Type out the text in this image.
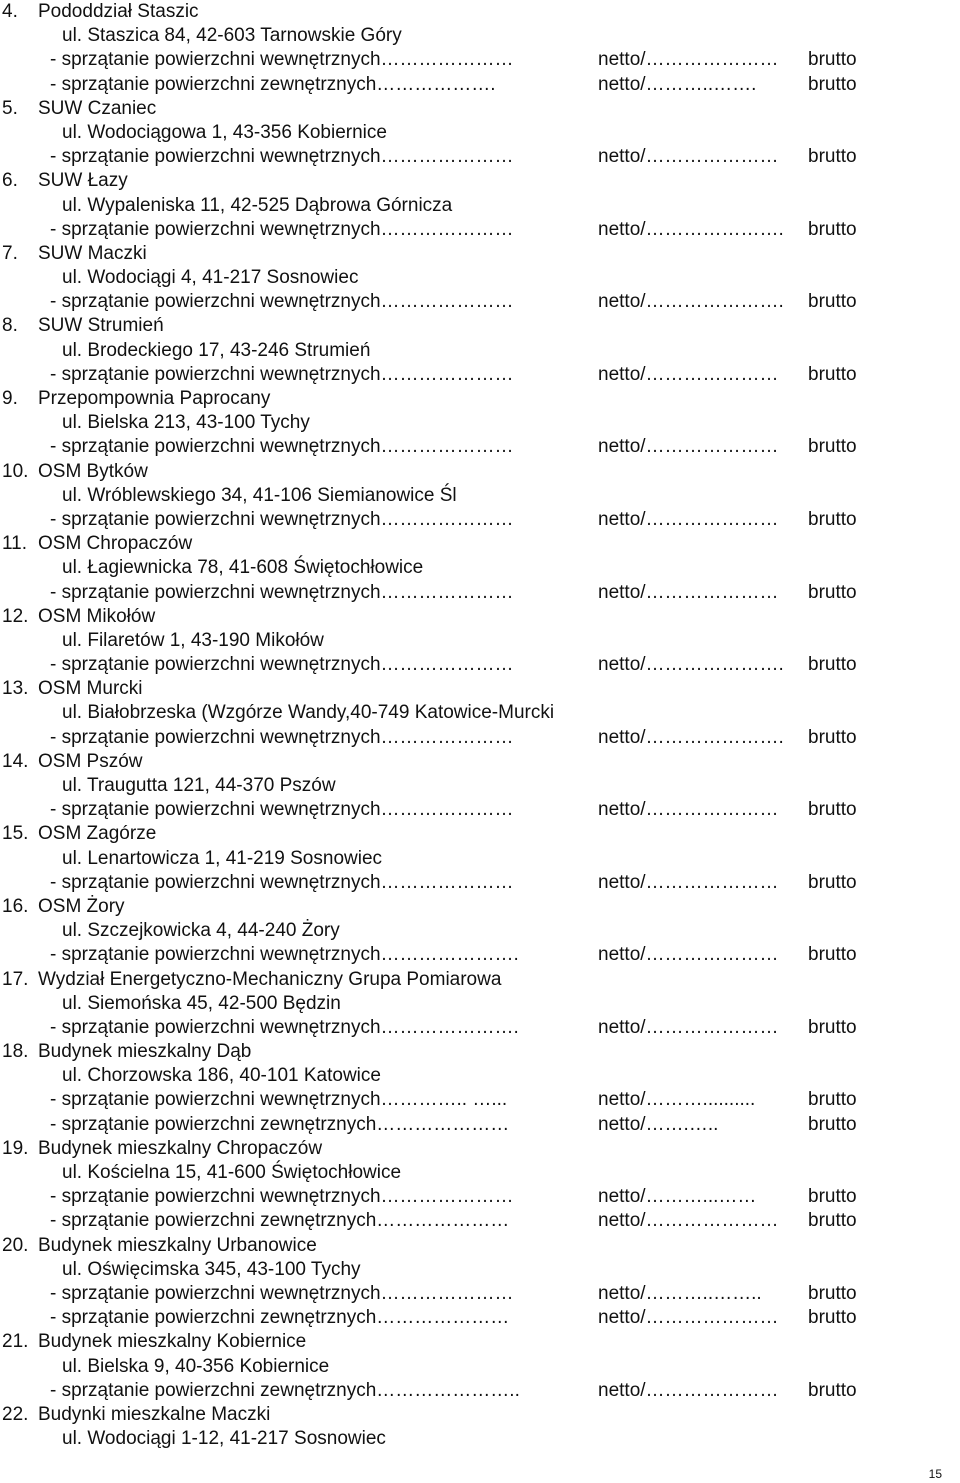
4. Pododdział Staszic
ul. Staszica 84, 42-603 Tarnowskie Góry
- sprzątanie powierzchni wewnętrznych…………………	netto/………………… brutto
- sprzątanie powierzchni zewnętrznych……………….	netto/………..…….	brutto
5. SUW Czaniec
ul. Wodociągowa 1, 43-356 Kobiernice
- sprzątanie powierzchni wewnętrznych…………………	netto/………………… brutto
6. SUW Łazy
ul. Wypaleniska 11, 42-525 Dąbrowa Górnicza
- sprzątanie powierzchni wewnętrznych…………………	netto/…………………. brutto
7. SUW Maczki
ul. Wodociągi 4, 41-217 Sosnowiec
- sprzątanie powierzchni wewnętrznych…………………	netto/…………………. brutto
8. SUW Strumień
ul. Brodeckiego 17, 43-246 Strumień
- sprzątanie powierzchni wewnętrznych…………………	netto/………………… brutto
9. Przepompownia Paprocany
ul. Bielska 213, 43-100 Tychy
- sprzątanie powierzchni wewnętrznych…………………	netto/………………… brutto
10. OSM Bytków
ul. Wróblewskiego 34, 41-106 Siemianowice Śl
- sprzątanie powierzchni wewnętrznych…………………	netto/………………… brutto
11. OSM Chropaczów
ul. Łagiewnicka 78, 41-608 Świętochłowice
- sprzątanie powierzchni wewnętrznych…………………	netto/………………… brutto
12. OSM Mikołów
ul. Filaretów 1, 43-190 Mikołów
- sprzątanie powierzchni wewnętrznych…………………	netto/…………………. brutto
13. OSM Murcki
ul. Białobrzeska (Wzgórze Wandy,40-749 Katowice-Murcki
- sprzątanie powierzchni wewnętrznych…………………	netto/…………………. brutto
14. OSM Pszów
ul. Traugutta 121, 44-370 Pszów
- sprzątanie powierzchni wewnętrznych…………………	netto/………………… brutto
15. OSM Zagórze
ul. Lenartowicza 1, 41-219 Sosnowiec
- sprzątanie powierzchni wewnętrznych…………………	netto/………………… brutto
16. OSM Żory
ul. Szczejkowicka 4, 44-240 Żory
- sprzątanie powierzchni wewnętrznych………………….	netto/………………… brutto
17. Wydział Energetyczno-Mechaniczny Grupa Pomiarowa
ul. Siemońska 45, 42-500 Będzin
- sprzątanie powierzchni wewnętrznych………………….	netto/………………… brutto
18. Budynek mieszkalny Dąb
ul. Chorzowska 186, 40-101 Katowice
- sprzątanie powierzchni wewnętrznych………….. …...	netto/………..........	brutto
- sprzątanie powierzchni zewnętrznych…………………	netto/…….…..	brutto
19. Budynek mieszkalny Chropaczów
ul. Kościelna 15, 41-600 Świętochłowice
- sprzątanie powierzchni wewnętrznych…………………	netto/………...……	brutto
- sprzątanie powierzchni zewnętrznych…………………	netto/………………… brutto
20. Budynek mieszkalny Urbanowice
ul. Oświęcimska 345, 43-100 Tychy
- sprzątanie powierzchni wewnętrznych…………………	netto/………..…….. brutto
- sprzątanie powierzchni zewnętrznych…………………	netto/………………… brutto
21. Budynek mieszkalny Kobiernice
ul. Bielska 9, 40-356 Kobiernice
- sprzątanie powierzchni zewnętrznych…………………..	netto/………………… brutto
22. Budynki mieszkalne Maczki
ul. Wodociągi 1-12, 41-217 Sosnowiec
15
